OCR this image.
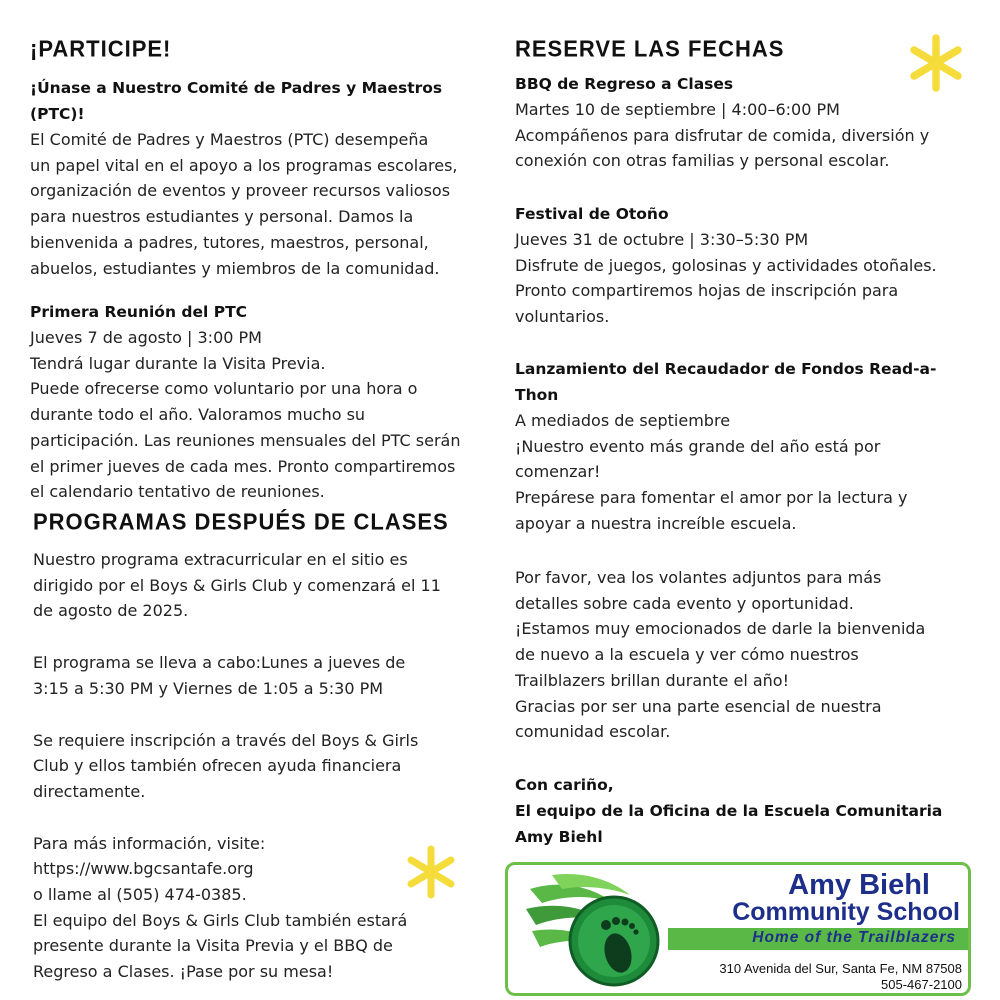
¡PARTICIPE!
¡Únase a Nuestro Comité de Padres y Maestros
(PTC)!

El Comité de Padres y Maestros (PTC) desempeña

un papel vital en el apoyo a los programas escolares,

organización de eventos y proveer recursos valiosos

para nuestros estudiantes y personal. Damos la

bienvenida a padres, tutores, maestros, personal,

abuelos, estudiantes y miembros de la comunidad.

Primera Reunión del PTC

Jueves 7 de agosto | 3:00 PM

Tendrá lugar durante la Visita Previa.

Puede ofrecerse como voluntario por una hora o

durante todo el año. Valoramos mucho su

participación. Las reuniones mensuales del PTC serán

el primer jueves de cada mes. Pronto compartiremos

el calendario tentativo de reuniones.

PROGRAMAS DESPUÉS DE CLASES

Nuestro programa extracurricular en el sitio es

dirigido por el Boys & Girls Club y comenzará el 11

de agosto de 2025.

El programa se lleva a cabo:Lunes a jueves de

3:15 a 5:30 PM y Viernes de 1:05 a 5:30 PM

Se requiere inscripción a través del Boys & Girls

Club y ellos también ofrecen ayuda financiera

directamente.

Para más información, visite:

https://www.bgcsantafe.org

o llame al (505) 474-0385.

El equipo del Boys & Girls Club también estará

presente durante la Visita Previa y el BBQ de

Regreso a Clases. ¡Pase por su mesa!

RESERVE LAS FECHAS
BBQ de Regreso a Clases

Martes 10 de septiembre | 4:00–6:00 PM

Acompáñenos para disfrutar de comida, diversión y

conexión con otras familias y personal escolar.

Festival de Otoño

Jueves 31 de octubre | 3:30–5:30 PM

Disfrute de juegos, golosinas y actividades otoñales.

Pronto compartiremos hojas de inscripción para

voluntarios.

Lanzamiento del Recaudador de Fondos Read-a-
Thon

A mediados de septiembre

¡Nuestro evento más grande del año está por

comenzar!

Prepárese para fomentar el amor por la lectura y

apoyar a nuestra increíble escuela.

Por favor, vea los volantes adjuntos para más

detalles sobre cada evento y oportunidad.

¡Estamos muy emocionados de darle la bienvenida

de nuevo a la escuela y ver cómo nuestros

Trailblazers brillan durante el año!

Gracias por ser una parte esencial de nuestra

comunidad escolar.

Con cariño,
El equipo de la Oficina de la Escuela Comunitaria
Amy Biehl
Amy Biehl
Community School
Home of the Trailblazers
310 Avenida del Sur, Santa Fe, NM 87508
505-467-2100
